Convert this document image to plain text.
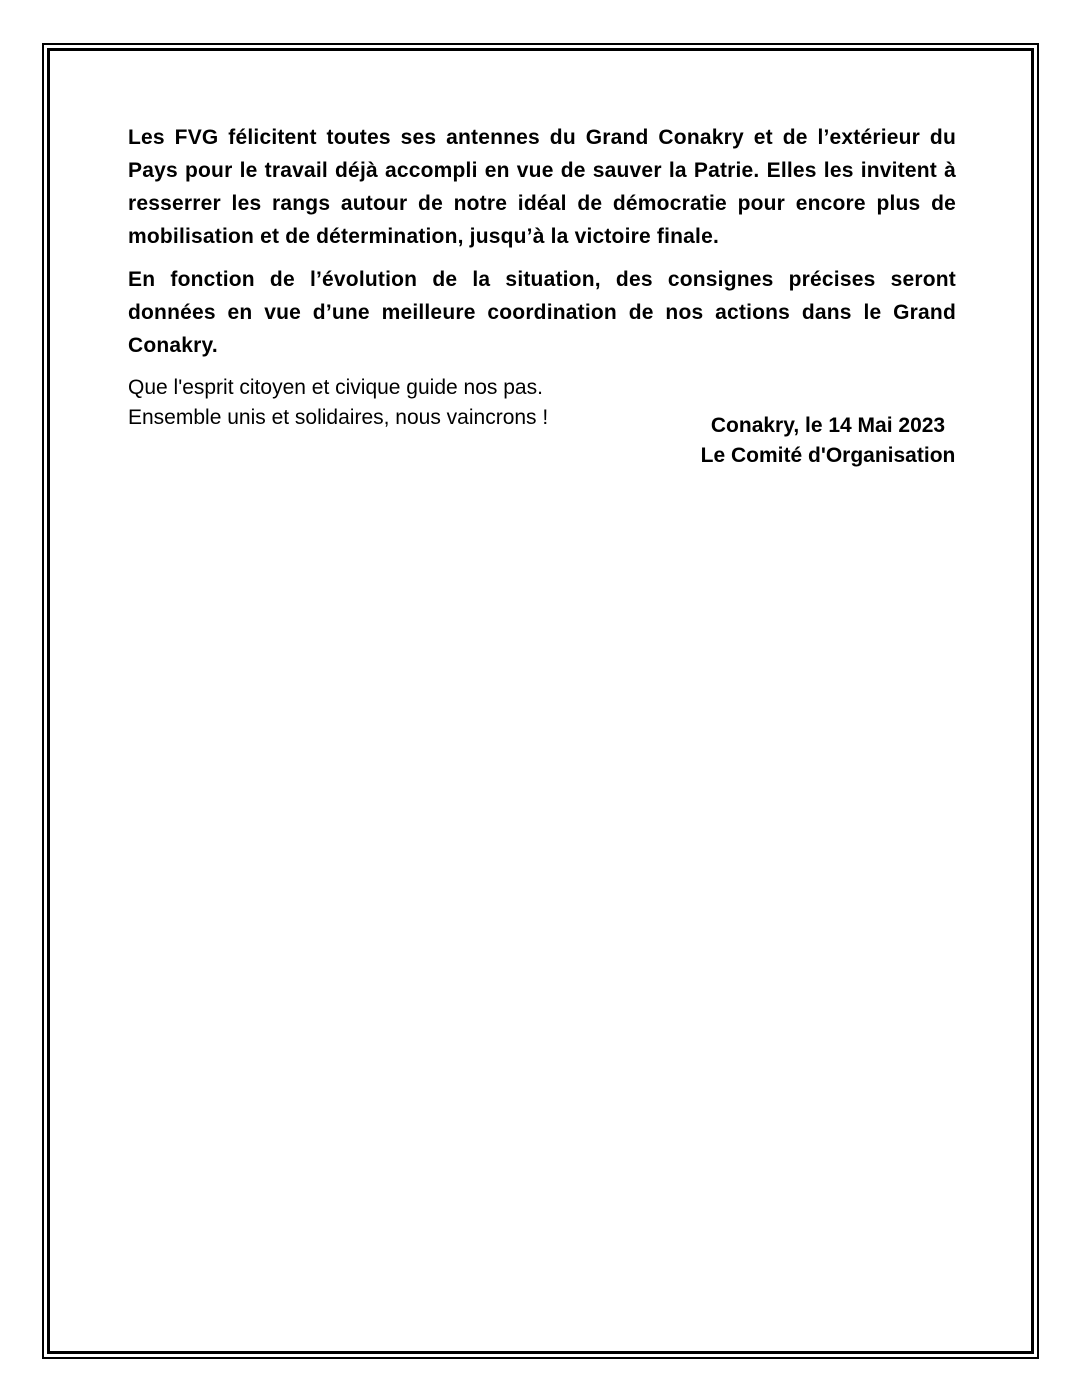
Les FVG félicitent toutes ses antennes du Grand Conakry et de l’extérieur du Pays pour le travail déjà accompli en vue de sauver la Patrie. Elles les invitent à resserrer les rangs autour de notre idéal de démocratie pour encore plus de mobilisation et de détermination, jusqu’à la victoire finale.

En fonction de l’évolution de la situation, des consignes précises seront données en vue d’une meilleure coordination de nos actions dans le Grand Conakry.

Que l'esprit citoyen et civique guide nos pas.
Ensemble unis et solidaires, nous vaincrons !	Conakry, le 14 Mai 2023
Le Comité d'Organisation
